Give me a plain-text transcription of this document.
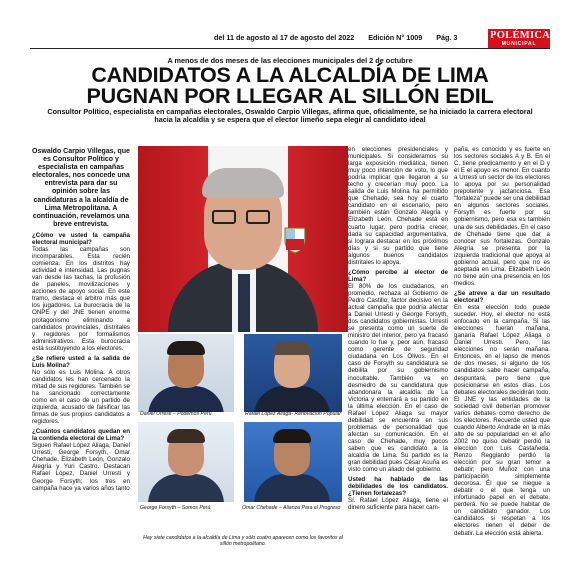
del 11 de agosto al 17 de agosto del 2022 Edición N° 1009 Pág. 3	POLÉMICA
MUNICIPAL
A menos de dos meses de las elecciones municipales del 2 de octubre
CANDIDATOS A LA ALCALDÍA DE LIMA
PUGNAN POR LLEGAR AL SILLÓN EDIL
Consultor Político, especialista en campañas electorales, Oswaldo Carpio Villegas, afirma que, oficialmente, se ha iniciado la carrera electoral hacia la alcaldía y se espera que el elector limeño sepa elegir al candidato ideal

Oswaldo Carpio Villegas, que es Consultor Político y especialista en campañas electorales, nos concede una entrevista para dar su opinión sobre las candidaturas a la alcaldía de Lima Metropolitana. A continuación, revelamos una breve entrevista.

¿Cómo ve usted la campaña electoral municipal?

Todas las campañas son incomparables. Esta recién comienza. En los distritos hay actividad e intensidad. Las pugnas van desde las tachas, la profusión de paneles, movilizaciones y acciones de apoyo social. En este tramo, destaca el árbitro más que los jugadores. La burocracia de la ONPE y del JNE tienen enorme protagonismo eliminando a candidatos provinciales, distritales y regidores por formalismos administrativos. Esta burocracia está sustituyendo a los electores.

¿Se refiere usted a la salida de Luis Molina?

No sólo es Luis Molina. A otros candidatos les han cercenado la mitad de sus regidores. También se ha sancionado correctamente como en el caso de un partido de izquierda, acusado de falsificar las firmas de sus propios candidatos a regidores.

¿Cuántos candidatos quedan en la contienda electoral de Lima?

Siguen Rafael López Aliaga, Daniel Urresti, George Forsyth, Omar Chehade, Elizabeth León, Gonzalo Alegría y Yuri Castro. Destacan Rafael López, Daniel Urresti y George Forsyth; los tres en campaña hace ya varios años tanto

Daniel Urresti – Podemos Perú.	Rafael López Aliaga- Renovación Popular
George Forsyth – Somos Perú.	Omar Chehade – Alianza Para el Progreso
Hay siete candidatos a la alcaldía de Lima y sólo cuatro aparecen como los favoritos al sillón metropolitano.

en elecciones presidenciales y municipales. Si consideramos su larga exposición mediática, tienen muy poco intención de voto, lo que podría implicar que llegaron a su techo y crecerían muy poco. La salida de Luis Molina ha permitido que Chehade, sea hoy el cuarto candidato en el escenario, pero también están Gonzalo Alegría y Elizabeth León. Chehade está en cuarto lugar, pero podría crecer, dada su capacidad argumentativa, si lograra destacar en los próximos días y si su partido que tiene algunos buenos candidatos distritales lo apoya.

¿Cómo percibe al elector de Lima?

El 80% de los ciudadanos, en promedio, rechaza al Gobierno de Pedro Castillo; factor decisivo en la actual campaña que podría afectar a Daniel Urresti y George Forsyth, dos candidatos gobiernistas. Urresti se presenta como un suerte de ministro del interior, pero ya fracasó cuando lo fue y, peor aún, fracasó como gerente de seguridad ciudadana en Los Olivos. En el caso de Forsyth su candidatura se debilita por su gobiernismo inocultable. También va en desmedro de su candidatura que abandonara la alcaldía de La Victoria y enterrará a su partido en la última elección. En el caso de Rafael López Aliaga su mayor debilidad se encuentra en sus problemas de personalidad que afectan su comunicación. En el caso de Chehade, muy pocos saben que es candidato a la alcaldía de Lima. Su partido es la gran debilidad pues César Acuña es visto como un aliado del gobierno.

Usted ha hablado de las debilidades de los candidatos. ¿Tienen fortalezas?

Sí. Rafael López Aliaga, tiene el dinero suficiente para hacer cam-

paña, es conocido y es fuerte en los sectores sociales A y B. En el C, tiene predicamento y en el D y el E el apoyo es menor. En cuanto a Urresti un sector de los electores lo apoya por su personalidad prepotente y jactanciosa. Esa "fortaleza" puede ser una debilidad en algunos sectores sociales. Forsyth es fuerte por su gobiernismo, pero esa es también una de sus debilidades. En el caso de Chehade tiene que dar a conocer sus fortalezas. Gonzalo Alegría se presenta por la izquierda tradicional que apoya al gobierno actual, pero que no es aceptada en Lima. Elizabeth León no tiene aún una presencia en los medios.

¿Se atreve a dar un resultado electoral?

En esta elección todo puede suceder. Hoy, el elector no está enfocado en la campaña. Si las elecciones fueran mañana, ganaría Rafael López Aliaga o Daniel Urresti. Pero, las elecciones no serán mañana. Entonces, en el lapso de menos de dos meses, si alguno de los candidatos sabe hacer campaña, despuntará, pero tiene que posicionarse en estos días. Los debates electorales decidirán todo. El JNE y las entidades de la sociedad civil deberían promover varios debates como derecho de los electores. Recuerde usted que cuando Alberto Andrade en la más alto de su popularidad en el año 2002 no quiso debatir perdió la elección con Luis Castañeda. Renzo Reggiardo perdió la elección por su gran temor a debatir; pero Muñoz con una participación simplemente decorosa. Él que se niegue a debatir o el que tenga un infortunado papel en el debate, perderá. No se puede habitar de un candidato ganador. Los candidatos si respetan a los electores tienen el deber de debatir. La elección está abierta.
